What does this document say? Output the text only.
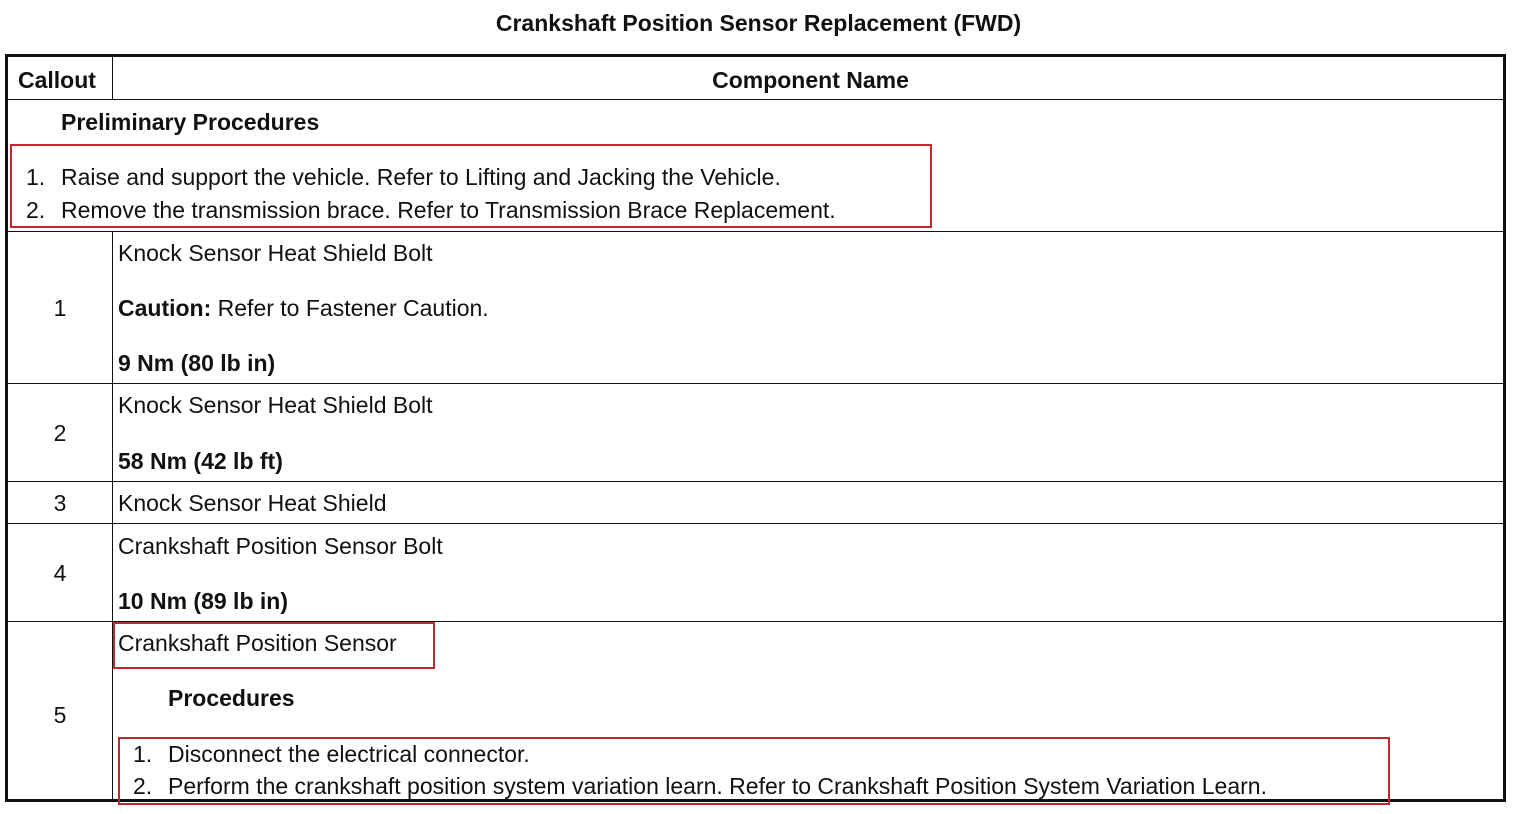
Crankshaft Position Sensor Replacement (FWD)
Callout	Component Name
Preliminary Procedures
1. Raise and support the vehicle. Refer to Lifting and Jacking the Vehicle.
2. Remove the transmission brace. Refer to Transmission Brace Replacement.
1
Knock Sensor Heat Shield Bolt
Caution: Refer to Fastener Caution.
9 Nm (80 lb in)
2
Knock Sensor Heat Shield Bolt
58 Nm (42 lb ft)
3	Knock Sensor Heat Shield
4
Crankshaft Position Sensor Bolt
10 Nm (89 lb in)
5
Crankshaft Position Sensor
Procedures
1. Disconnect the electrical connector.
2. Perform the crankshaft position system variation learn. Refer to Crankshaft Position System Variation Learn.
